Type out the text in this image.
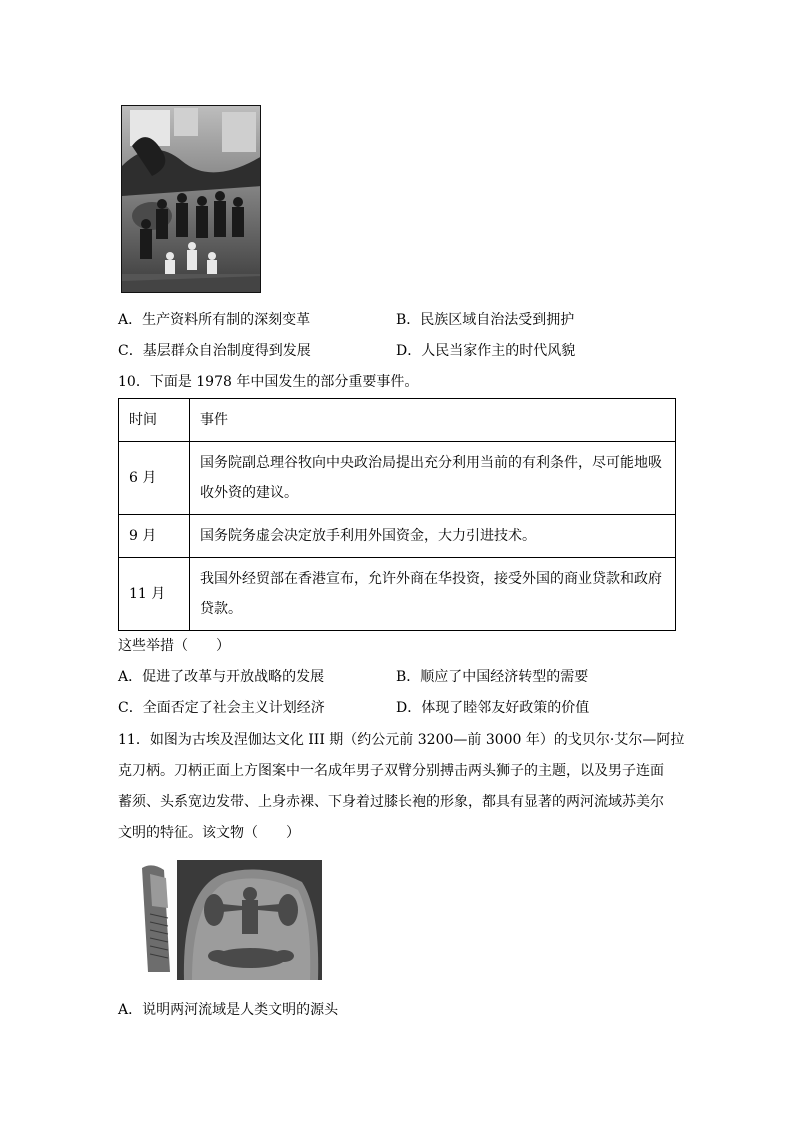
A．生产资料所有制的深刻变革	B．民族区域自治法受到拥护
C．基层群众自治制度得到发展	D．人民当家作主的时代风貌
10．下面是 1978 年中国发生的部分重要事件。
时间	事件
6 月	国务院副总理谷牧向中央政治局提出充分利用当前的有利条件，尽可能地吸
收外资的建议。

9 月	国务院务虚会决定放手利用外国资金，大力引进技术。

11 月	我国外经贸部在香港宣布，允许外商在华投资，接受外国的商业贷款和政府
贷款。
这些举措（　　）
A．促进了改革与开放战略的发展	B．顺应了中国经济转型的需要
C．全面否定了社会主义计划经济	D．体现了睦邻友好政策的价值
11．如图为古埃及涅伽达文化 III 期（约公元前 3200—前 3000 年）的戈贝尔·艾尔—阿拉
克刀柄。刀柄正面上方图案中一名成年男子双臂分别搏击两头狮子的主题，以及男子连面
蓄须、头系宽边发带、上身赤裸、下身着过膝长袍的形象，都具有显著的两河流域苏美尔
文明的特征。该文物（　　）
A．说明两河流域是人类文明的源头
